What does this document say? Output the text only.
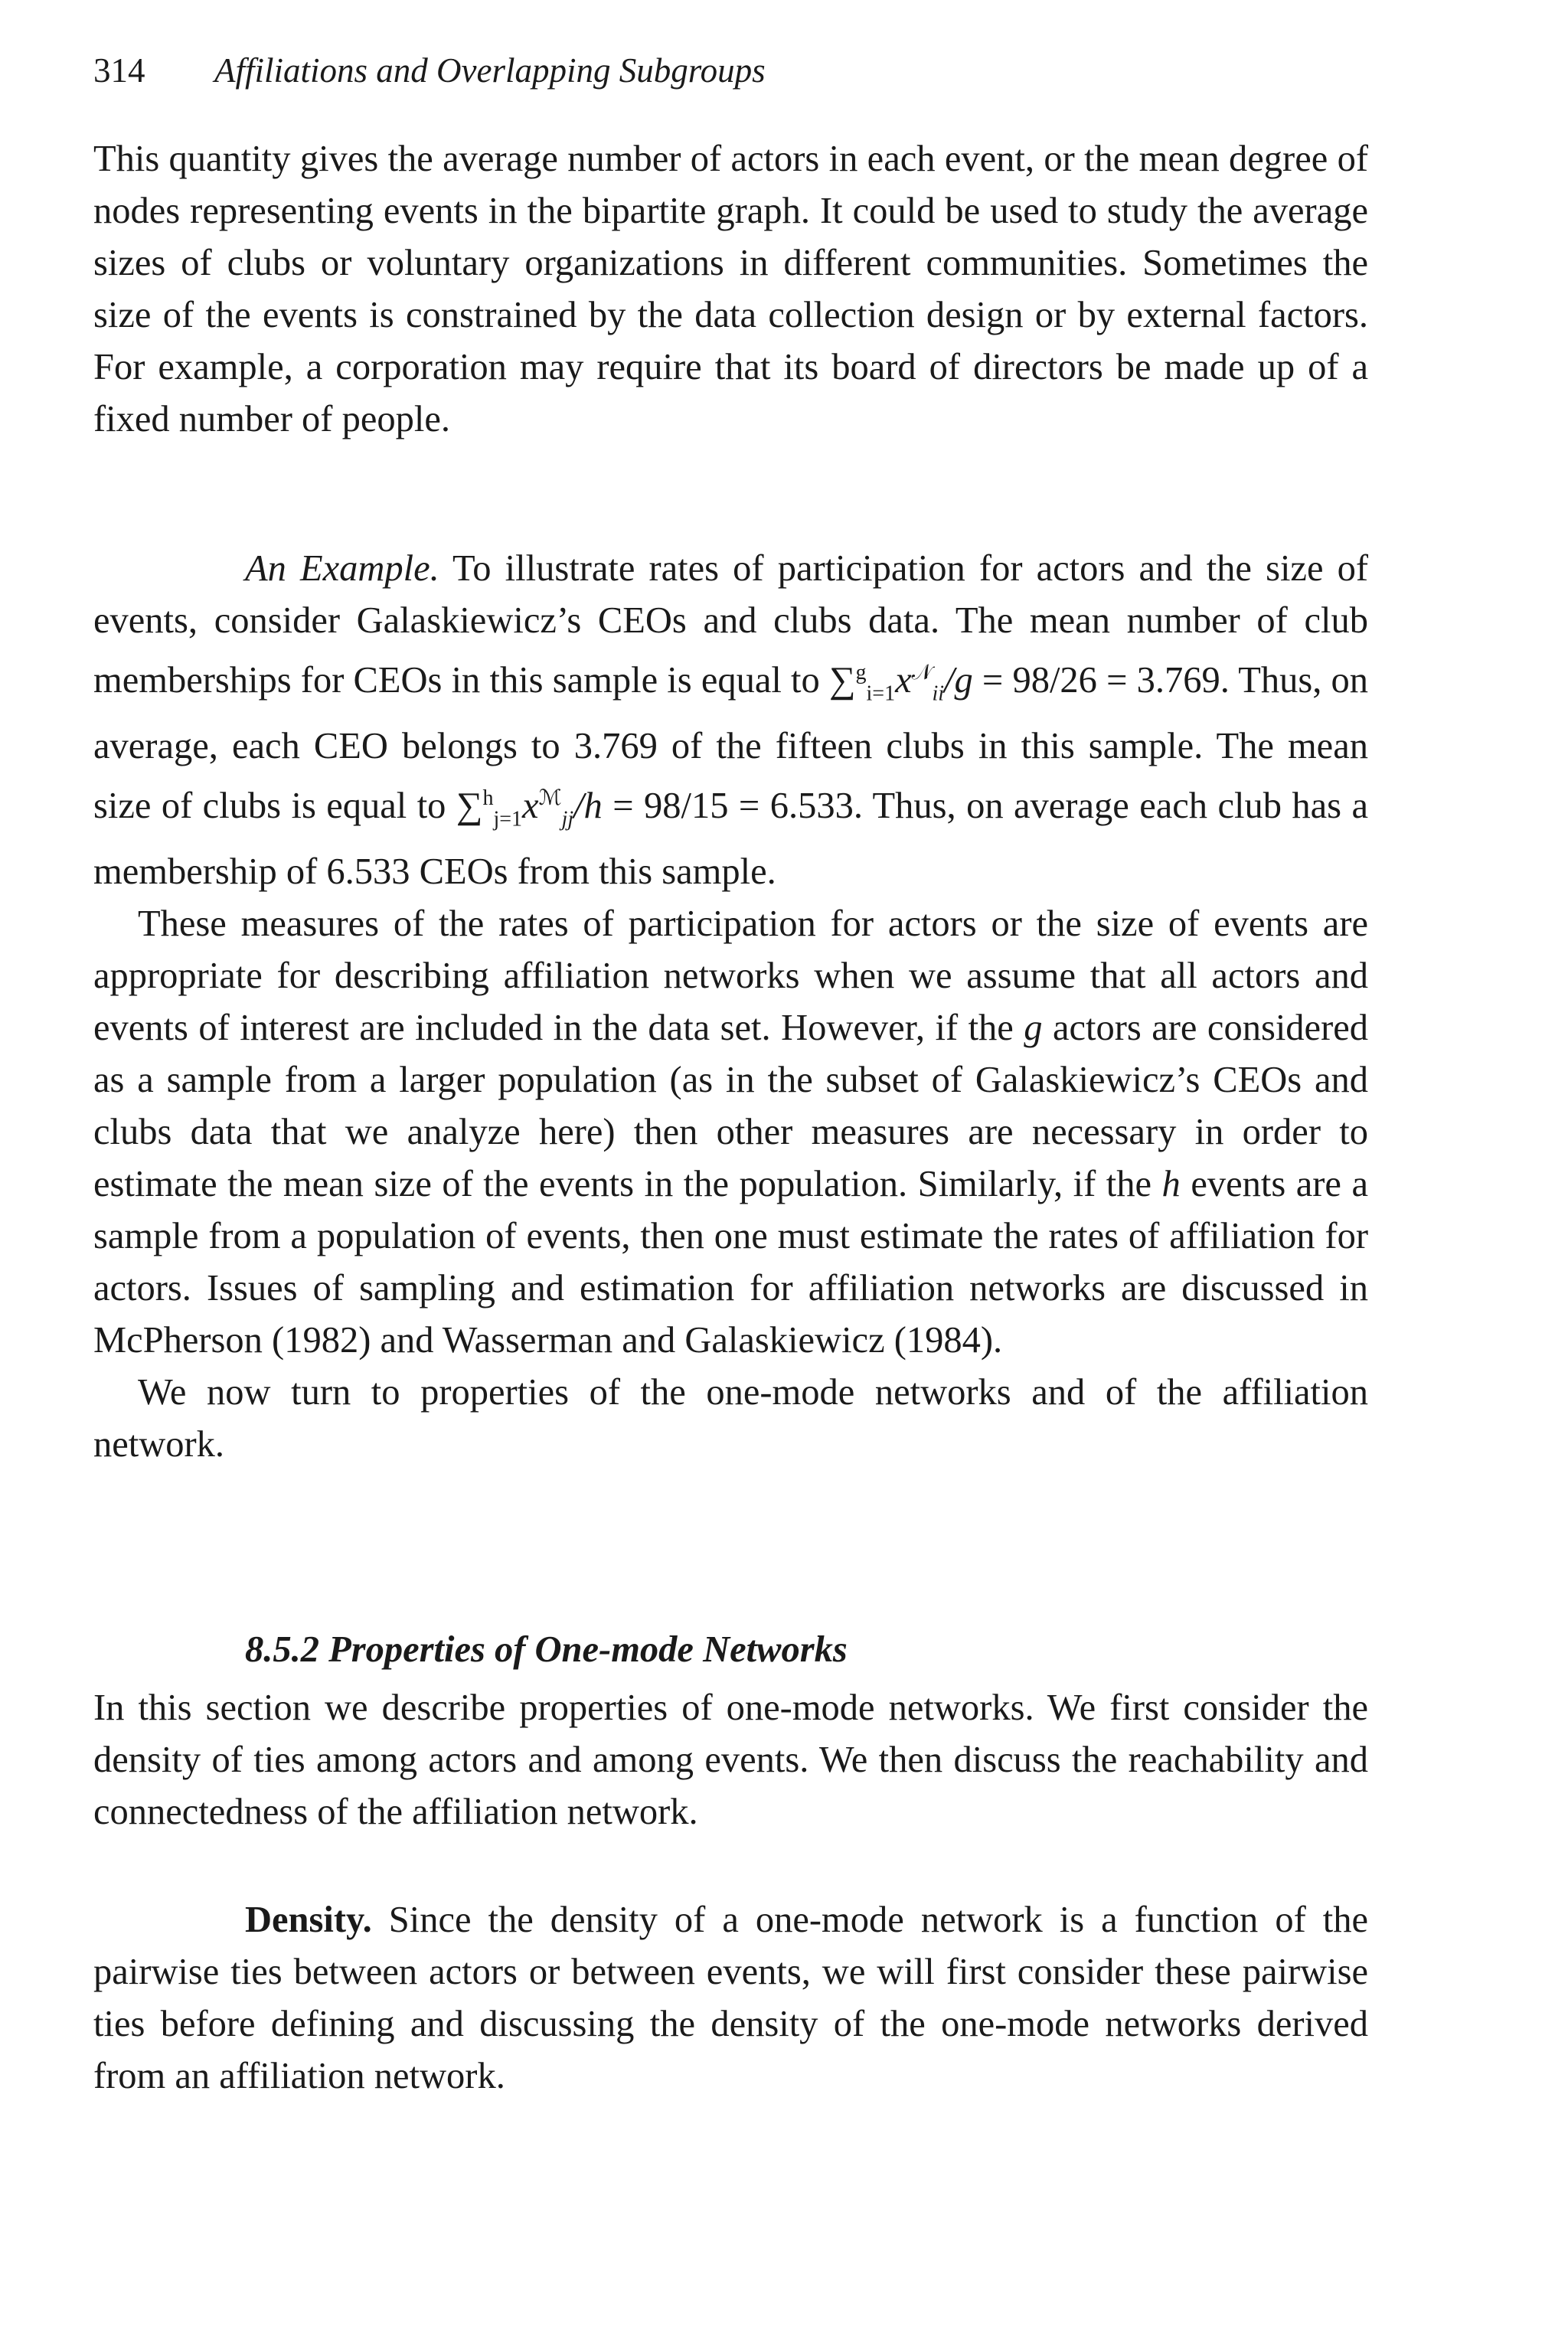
314 Affiliations and Overlapping Subgroups

This quantity gives the average number of actors in each event, or the mean degree of nodes representing events in the bipartite graph. It could be used to study the average sizes of clubs or voluntary organizations in different communities. Sometimes the size of the events is constrained by the data collection design or by external factors. For example, a corporation may require that its board of directors be made up of a fixed number of people.

An Example. To illustrate rates of participation for actors and the size of events, consider Galaskiewicz’s CEOs and clubs data. The mean number of club memberships for CEOs in this sample is equal to $\sum^g_{i=1}x^𝒩_{ii}/g = 98/26 = 3.769$. Thus, on average, each CEO belongs to 3.769 of the fifteen clubs in this sample. The mean size of clubs is equal to $\sum^h_{j=1}x^ℳ_{jj}/h = 98/15 = 6.533$. Thus, on average each club has a membership of 6.533 CEOs from this sample.

These measures of the rates of participation for actors or the size of events are appropriate for describing affiliation networks when we assume that all actors and events of interest are included in the data set. However, if the g actors are considered as a sample from a larger population (as in the subset of Galaskiewicz’s CEOs and clubs data that we analyze here) then other measures are necessary in order to estimate the mean size of the events in the population. Similarly, if the h events are a sample from a population of events, then one must estimate the rates of affiliation for actors. Issues of sampling and estimation for affiliation networks are discussed in McPherson (1982) and Wasserman and Galaskiewicz (1984).

We now turn to properties of the one-mode networks and of the affiliation network.

8.5.2 Properties of One-mode Networks

In this section we describe properties of one-mode networks. We first consider the density of ties among actors and among events. We then discuss the reachability and connectedness of the affiliation network.

Density. Since the density of a one-mode network is a function of the pairwise ties between actors or between events, we will first consider these pairwise ties before defining and discussing the density of the one-mode networks derived from an affiliation network.
